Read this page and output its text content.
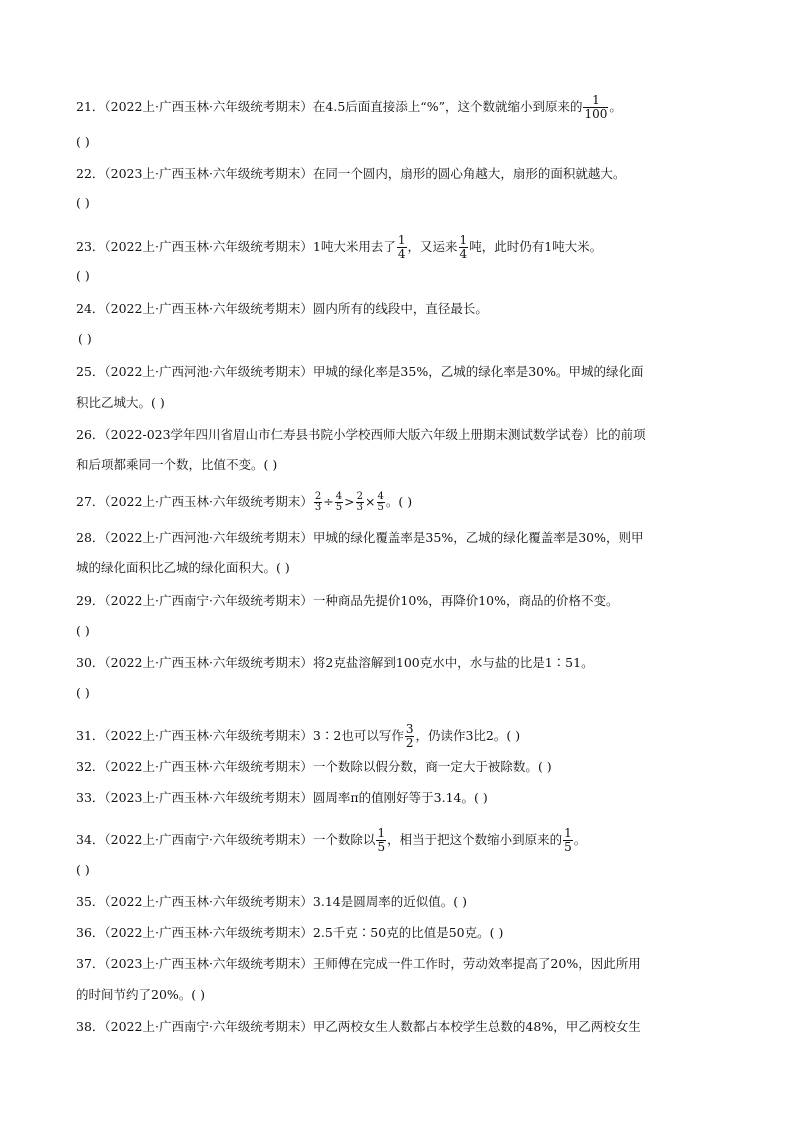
21．（2022上·广西玉林·六年级统考期末）在4.5后面直接添上“%”，这个数就缩小到原来的 $\frac{1}{100}$ 。
( )
22．（2023上·广西玉林·六年级统考期末）在同一个圆内，扇形的圆心角越大，扇形的面积就越大。
( )
23．（2022上·广西玉林·六年级统考期末）1吨大米用去了 $\frac{1}{4}$ ，又运来 $\frac{1}{4}$ 吨，此时仍有1吨大米。
( )
24．（2022上·广西玉林·六年级统考期末）圆内所有的线段中，直径最长。
( )
25．（2022上·广西河池·六年级统考期末）甲城的绿化率是35%，乙城的绿化率是30%。甲城的绿化面
积比乙城大。( )
26．（2022-023学年四川省眉山市仁寿县书院小学校西师大版六年级上册期末测试数学试卷）比的前项
和后项都乘同一个数，比值不变。( )
27．（2022上·广西玉林·六年级统考期末） $\frac{2}{3} \div \frac{4}{5} > \frac{2}{3} \times \frac{4}{5}$ 。( )
28．（2022上·广西河池·六年级统考期末）甲城的绿化覆盖率是35%，乙城的绿化覆盖率是30%，则甲
城的绿化面积比乙城的绿化面积大。( )
29．（2022上·广西南宁·六年级统考期末）一种商品先提价10%，再降价10%，商品的价格不变。
( )
30．（2022上·广西玉林·六年级统考期末）将2克盐溶解到100克水中，水与盐的比是1∶51。
( )
31．（2022上·广西玉林·六年级统考期末）3∶2也可以写作 $\frac{3}{2}$ ，仍读作3比2。( )
32．（2022上·广西玉林·六年级统考期末）一个数除以假分数，商一定大于被除数。( )
33．（2023上·广西玉林·六年级统考期末）圆周率π的值刚好等于3.14。( )
34．（2022上·广西南宁·六年级统考期末）一个数除以 $\frac{1}{5}$ ，相当于把这个数缩小到原来的 $\frac{1}{5}$ 。
( )
35．（2022上·广西玉林·六年级统考期末）3.14是圆周率的近似值。( )
36．（2022上·广西玉林·六年级统考期末）2.5千克∶50克的比值是50克。( )
37．（2023上·广西玉林·六年级统考期末）王师傅在完成一件工作时，劳动效率提高了20%，因此所用
的时间节约了20%。( )
38．（2022上·广西南宁·六年级统考期末）甲乙两校女生人数都占本校学生总数的48%，甲乙两校女生
